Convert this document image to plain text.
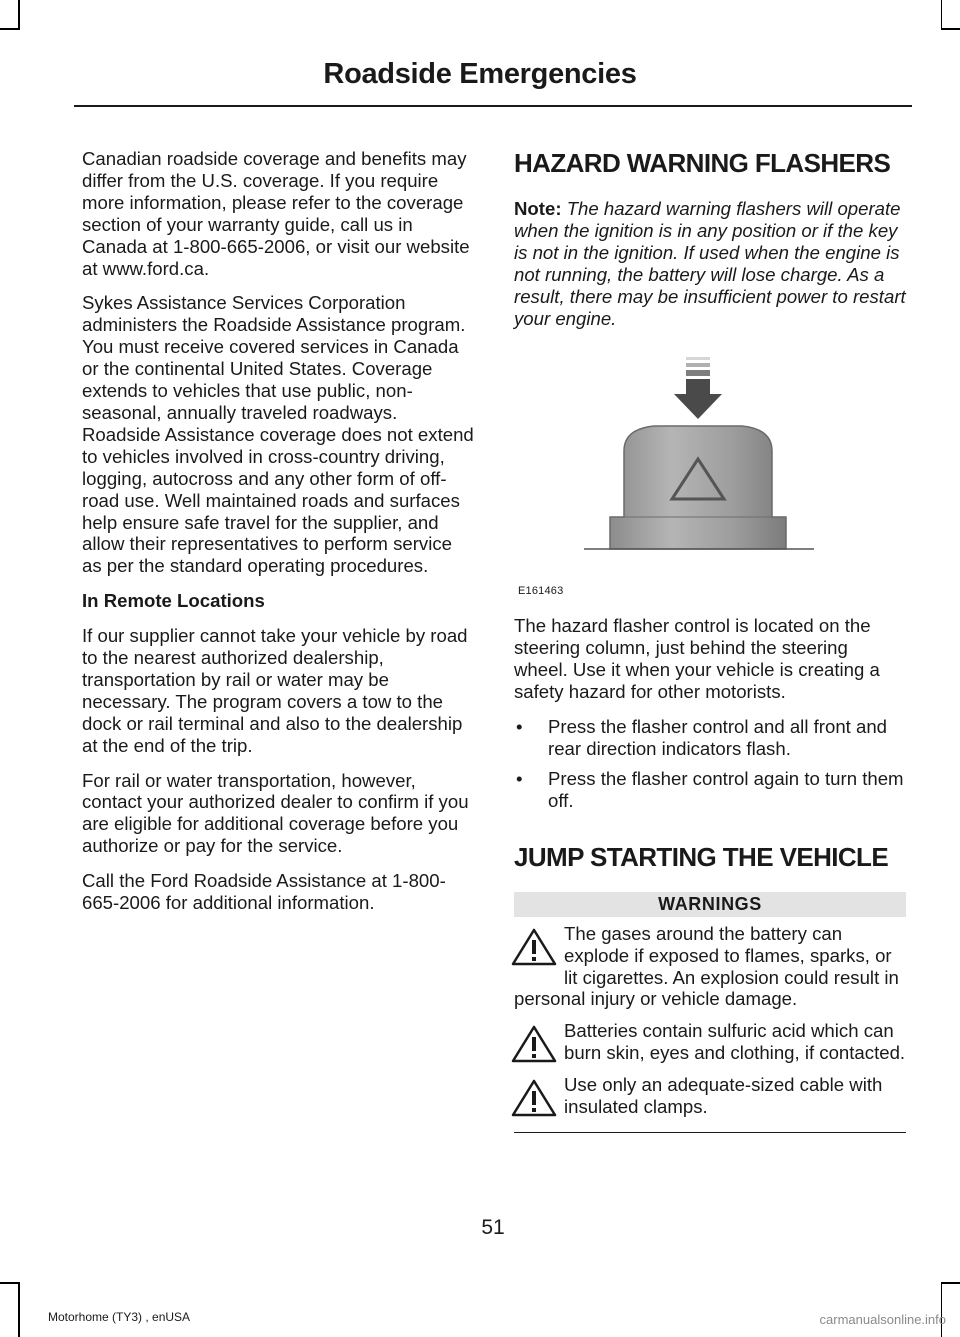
Roadside Emergencies

Canadian roadside coverage and benefits may differ from the U.S. coverage. If you require more information, please refer to the coverage section of your warranty guide, call us in Canada at 1-800-665-2006, or visit our website at www.ford.ca.

Sykes Assistance Services Corporation administers the Roadside Assistance program. You must receive covered services in Canada or the continental United States. Coverage extends to vehicles that use public, non-seasonal, annually traveled roadways. Roadside Assistance coverage does not extend to vehicles involved in cross-country driving, logging, autocross and any other form of off-road use. Well maintained roads and surfaces help ensure safe travel for the supplier, and allow their representatives to perform service as per the standard operating procedures.

In Remote Locations

If our supplier cannot take your vehicle by road to the nearest authorized dealership, transportation by rail or water may be necessary. The program covers a tow to the dock or rail terminal and also to the dealership at the end of the trip.

For rail or water transportation, however, contact your authorized dealer to confirm if you are eligible for additional coverage before you authorize or pay for the service.

Call the Ford Roadside Assistance at 1-800-665-2006 for additional information.

HAZARD WARNING FLASHERS

Note: The hazard warning flashers will operate when the ignition is in any position or if the key is not in the ignition. If used when the engine is not running, the battery will lose charge. As a result, there may be insufficient power to restart your engine.

E161463

The hazard flasher control is located on the steering column, just behind the steering wheel. Use it when your vehicle is creating a safety hazard for other motorists.

• Press the flasher control and all front and rear direction indicators flash.
• Press the flasher control again to turn them off.
JUMP STARTING THE VEHICLE
WARNINGS
The gases around the battery can explode if exposed to flames, sparks, or lit cigarettes. An explosion could result in personal injury or vehicle damage.
Batteries contain sulfuric acid which can burn skin, eyes and clothing, if contacted.
Use only an adequate-sized cable with insulated clamps.
51
Motorhome (TY3) , enUSA	carmanualsonline.info
